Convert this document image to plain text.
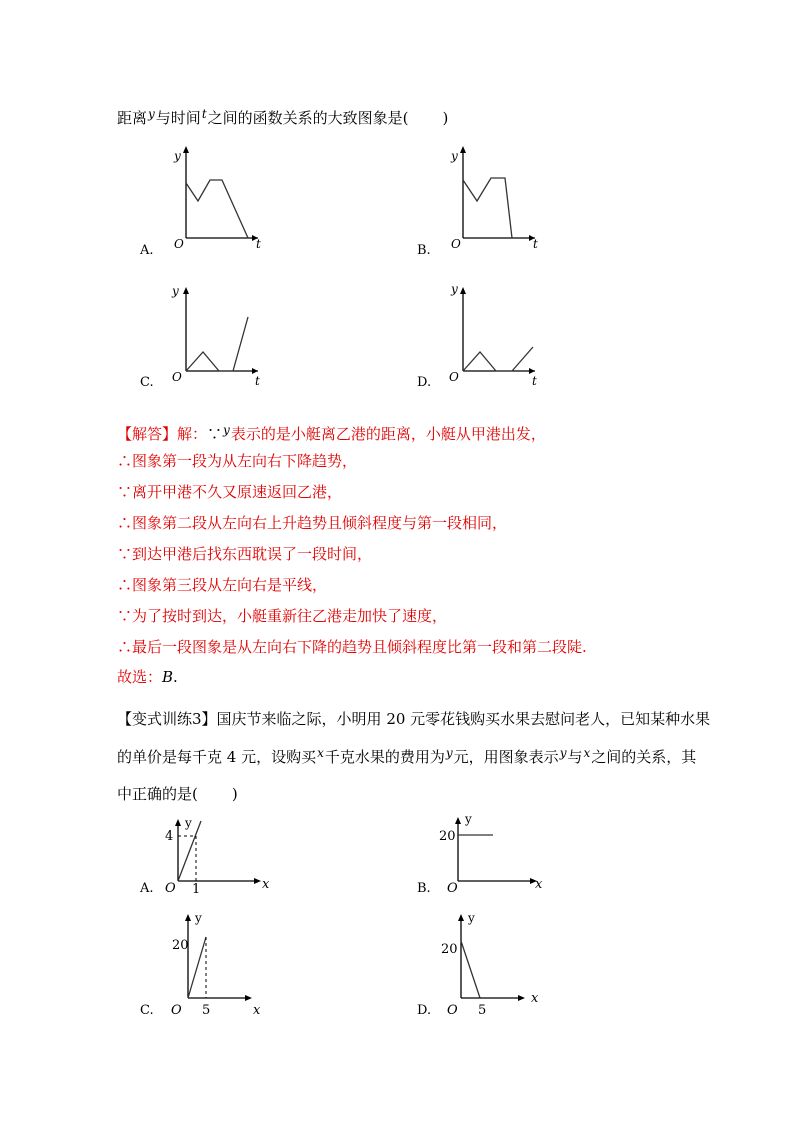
距离$^y$与时间$^t$之间的函数关系的大致图象是( )
A.
y
O	t	B.
y
O	t
C.
y
O	t	D.
y
O	t
【解答】解：∵$^y$表示的是小艇离乙港的距离，小艇从甲港出发，
∴图象第一段为从左向右下降趋势，
∵离开甲港不久又原速返回乙港，
∴图象第二段从左向右上升趋势且倾斜程度与第一段相同，
∵到达甲港后找东西耽误了一段时间，
∴图象第三段从左向右是平线，
∵为了按时到达，小艇重新往乙港走加快了速度，
∴最后一段图象是从左向右下降的趋势且倾斜程度比第一段和第二段陡.
故选：B.
【变式训练3】国庆节来临之际，小明用 20 元零花钱购买水果去慰问老人，已知某种水果
的单价是每千克 4 元，设购买$^x$千克水果的费用为$^y$元，用图象表示$^y$与$^x$之间的关系，其
中正确的是( )
A.
y
4
O 1	x	B.
y
20
O	x
C.
y
20
O 5	x	D.
y
20
O 5
x
